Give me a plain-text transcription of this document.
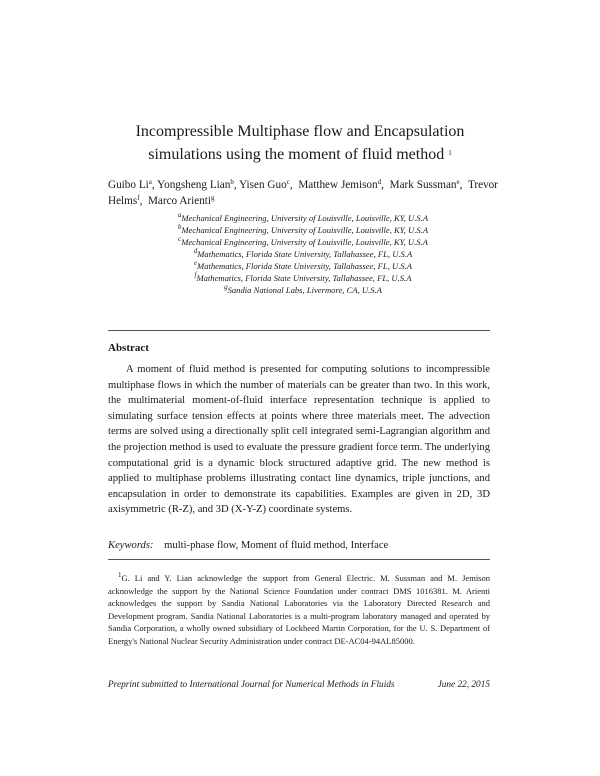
Incompressible Multiphase flow and Encapsulation
simulations using the moment of fluid method $^1$
Guibo Li$^a$, Yongsheng Lian$^b$, Yisen Guo$^c$,  Matthew Jemison$^d$,  Mark Sussman$^e$,  Trevor Helms$^f$,  Marco Arienti$^g$
$^a$Mechanical Engineering, University of Louisville, Louisville, KY, U.S.A
$^b$Mechanical Engineering, University of Louisville, Louisville, KY, U.S.A
$^c$Mechanical Engineering, University of Louisville, Louisville, KY, U.S.A
$^d$Mathematics, Florida State University, Tallahassee, FL, U.S.A
$^e$Mathematics, Florida State University, Tallahassee, FL, U.S.A
$^f$Mathematics, Florida State University, Tallahassee, FL, U.S.A
$^g$Sandia National Labs, Livermore, CA, U.S.A
Abstract
A moment of fluid method is presented for computing solutions to incompressible multiphase flows in which the number of materials can be greater than two. In this work, the multimaterial moment-of-fluid interface representation technique is applied to simulating surface tension effects at points where three materials meet. The advection terms are solved using a directionally split cell integrated semi-Lagrangian algorithm and the projection method is used to evaluate the pressure gradient force term. The underlying computational grid is a dynamic block structured adaptive grid. The new method is applied to multiphase problems illustrating contact line dynamics, triple junctions, and encapsulation in order to demonstrate its capabilities. Examples are given in 2D, 3D axisymmetric (R-Z), and 3D (X-Y-Z) coordinate systems.
Keywords: multi-phase flow, Moment of fluid method, Interface
$^1$G. Li and Y. Lian acknowledge the support from General Electric. M. Sussman and M. Jemison acknowledge the support by the National Science Foundation under contract DMS 1016381. M. Arienti acknowledges the support by Sandia National Laboratories via the Laboratory Directed Research and Development program. Sandia National Laboratories is a multi-program laboratory managed and operated by Sandia Corporation, a wholly owned subsidiary of Lockheed Martin Corporation, for the U. S. Department of Energy's National Nuclear Security Administration under contract DE-AC04-94AL85000.
Preprint submitted to International Journal for Numerical Methods in Fluids	June 22, 2015
